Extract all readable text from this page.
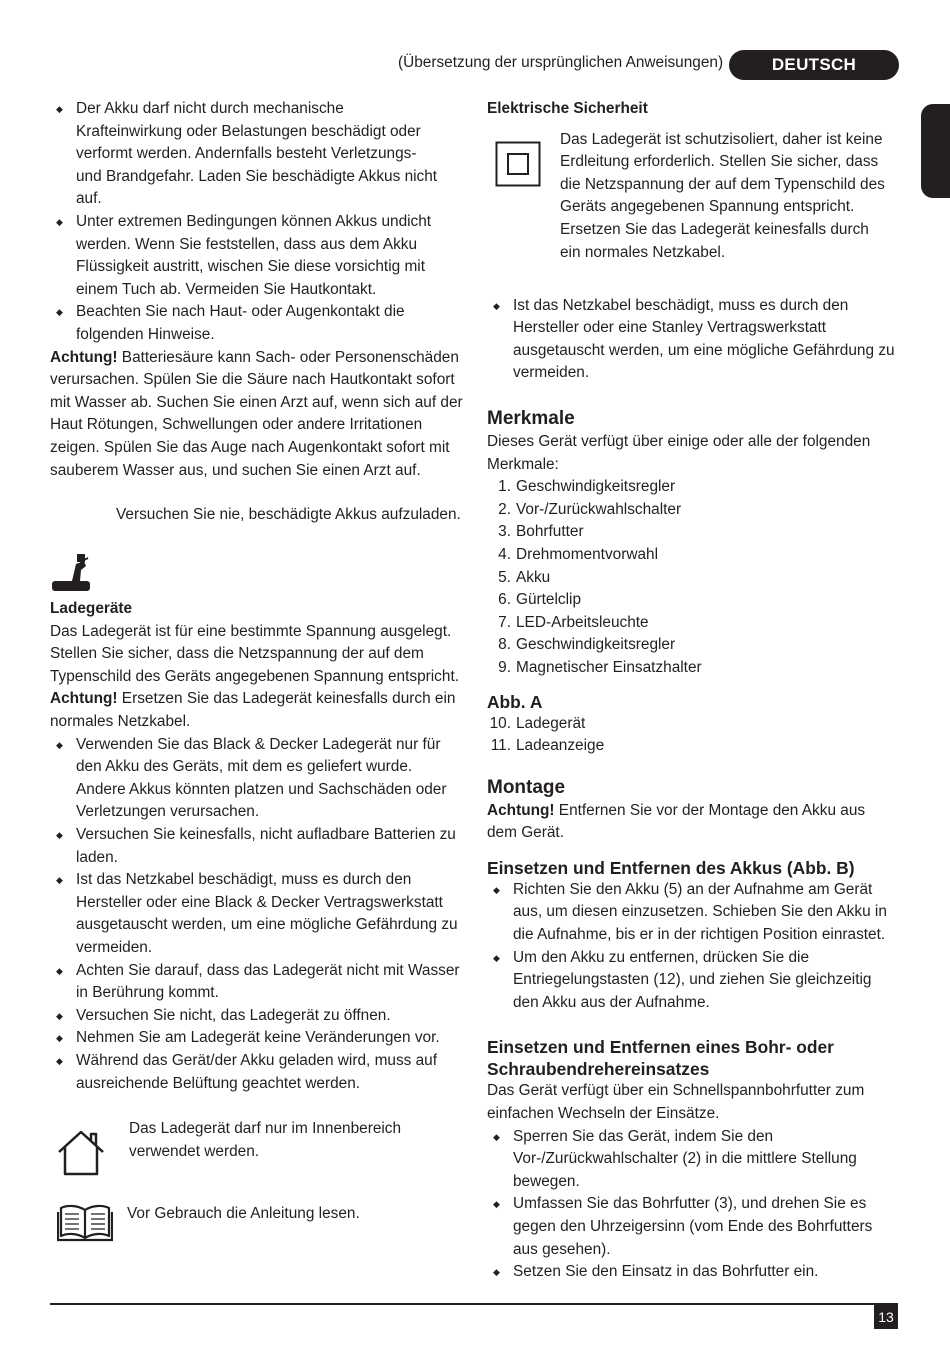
(Übersetzung der ursprünglichen Anweisungen)	DEUTSCH
◆ Der Akku darf nicht durch mechanische Krafteinwirkung oder Belastungen beschädigt oder verformt werden. Andernfalls besteht Verletzungs- und Brandgefahr. Laden Sie beschädigte Akkus nicht auf.
◆ Unter extremen Bedingungen können Akkus undicht werden. Wenn Sie feststellen, dass aus dem Akku Flüssigkeit austritt, wischen Sie diese vorsichtig mit einem Tuch ab. Vermeiden Sie Hautkontakt.
◆ Beachten Sie nach Haut- oder Augenkontakt die folgenden Hinweise.

Achtung! Batteriesäure kann Sach- oder Personenschäden verursachen. Spülen Sie die Säure nach Hautkontakt sofort mit Wasser ab. Suchen Sie einen Arzt auf, wenn sich auf der Haut Rötungen, Schwellungen oder andere Irritationen zeigen. Spülen Sie das Auge nach Augenkontakt sofort mit sauberem Wasser aus, und suchen Sie einen Arzt auf.

Versuchen Sie nie, beschädigte Akkus aufzuladen.
Ladegeräte

Das Ladegerät ist für eine bestimmte Spannung ausgelegt. Stellen Sie sicher, dass die Netzspannung der auf dem Typenschild des Geräts angegebenen Spannung entspricht.

Achtung! Ersetzen Sie das Ladegerät keinesfalls durch ein normales Netzkabel.

◆ Verwenden Sie das Black & Decker Ladegerät nur für den Akku des Geräts, mit dem es geliefert wurde. Andere Akkus könnten platzen und Sachschäden oder Verletzungen verursachen.
◆ Versuchen Sie keinesfalls, nicht aufladbare Batterien zu laden.
◆ Ist das Netzkabel beschädigt, muss es durch den Hersteller oder eine Black & Decker Vertragswerkstatt ausgetauscht werden, um eine mögliche Gefährdung zu vermeiden.
◆ Achten Sie darauf, dass das Ladegerät nicht mit Wasser in Berührung kommt.
◆ Versuchen Sie nicht, das Ladegerät zu öffnen.
◆ Nehmen Sie am Ladegerät keine Veränderungen vor.
◆ Während das Gerät/der Akku geladen wird, muss auf ausreichende Belüftung geachtet werden.
Das Ladegerät darf nur im Innenbereich verwendet werden.
Vor Gebrauch die Anleitung lesen.
Elektrische Sicherheit

Das Ladegerät ist schutzisoliert, daher ist keine Erdleitung erforderlich. Stellen Sie sicher, dass die Netzspannung der auf dem Typenschild des Geräts angegebenen Spannung entspricht. Ersetzen Sie das Ladegerät keinesfalls durch ein normales Netzkabel.

◆ Ist das Netzkabel beschädigt, muss es durch den Hersteller oder eine Stanley Vertragswerkstatt ausgetauscht werden, um eine mögliche Gefährdung zu vermeiden.
Merkmale

Dieses Gerät verfügt über einige oder alle der folgenden Merkmale:

1. Geschwindigkeitsregler
2. Vor-/Zurückwahlschalter
3. Bohrfutter
4. Drehmomentvorwahl
5. Akku
6. Gürtelclip
7. LED-Arbeitsleuchte
8. Geschwindigkeitsregler
9. Magnetischer Einsatzhalter
Abb. A
10. Ladegerät
11. Ladeanzeige
Montage

Achtung! Entfernen Sie vor der Montage den Akku aus dem Gerät.

Einsetzen und Entfernen des Akkus (Abb. B)
◆ Richten Sie den Akku (5) an der Aufnahme am Gerät aus, um diesen einzusetzen. Schieben Sie den Akku in die Aufnahme, bis er in der richtigen Position einrastet.
◆ Um den Akku zu entfernen, drücken Sie die Entriegelungstasten (12), und ziehen Sie gleichzeitig den Akku aus der Aufnahme.
Einsetzen und Entfernen eines Bohr- oder Schraubendrehereinsatzes

Das Gerät verfügt über ein Schnellspannbohrfutter zum einfachen Wechseln der Einsätze.

◆ Sperren Sie das Gerät, indem Sie den Vor-/Zurückwahlschalter (2) in die mittlere Stellung bewegen.
◆ Umfassen Sie das Bohrfutter (3), und drehen Sie es gegen den Uhrzeigersinn (vom Ende des Bohrfutters aus gesehen).
◆ Setzen Sie den Einsatz in das Bohrfutter ein.
13
